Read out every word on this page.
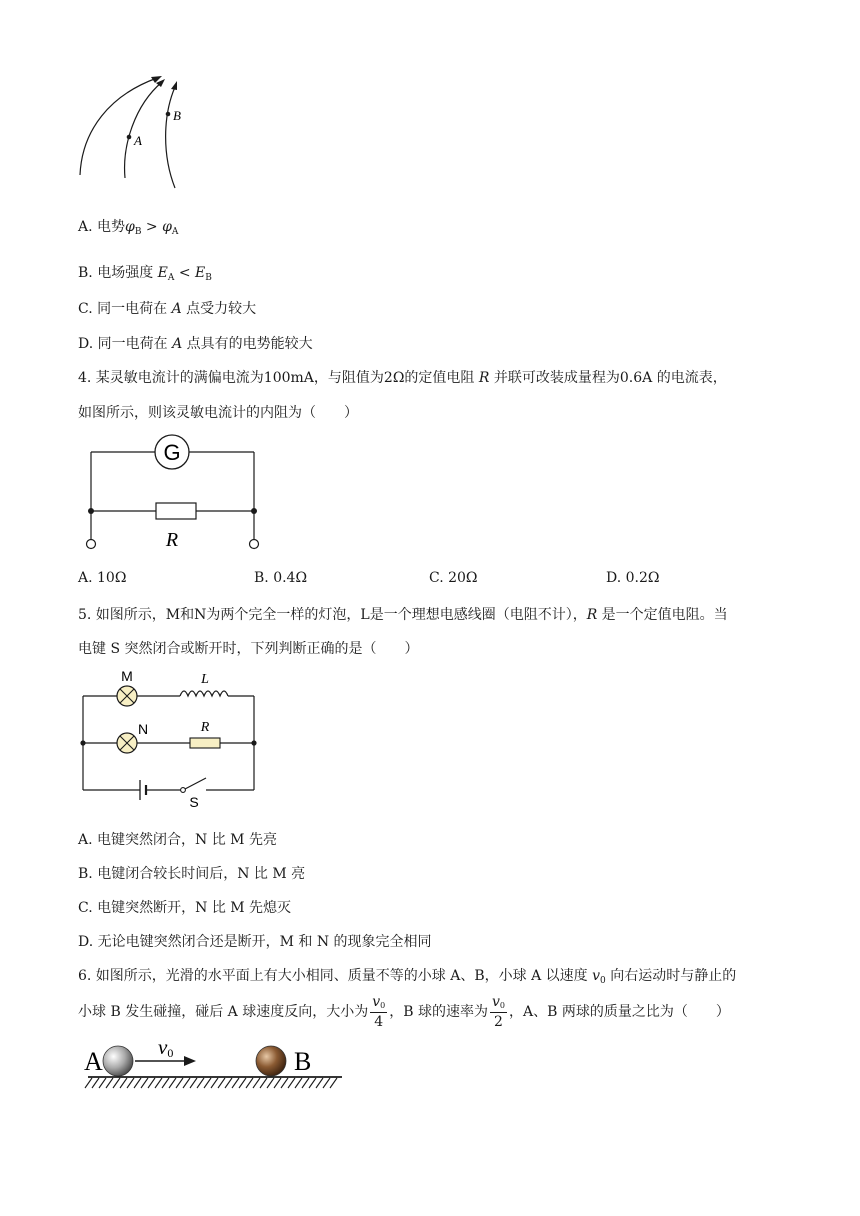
A
B
A. 电势$\varphi_B > \varphi_A$
B. 电场强度 $E_A < E_B$
C. 同一电荷在 A 点受力较大
D. 同一电荷在 A 点具有的电势能较大
4. 某灵敏电流计的满偏电流为100mA，与阻值为2Ω的定值电阻 R 并联可改装成量程为0.6A 的电流表，
如图所示，则该灵敏电流计的内阻为（　　）
G
R
A. 10Ω	B. 0.4Ω	C. 20Ω	D. 0.2Ω
5. 如图所示，M和N为两个完全一样的灯泡，L是一个理想电感线圈（电阻不计），R 是一个定值电阻。当
电键 S 突然闭合或断开时，下列判断正确的是（　　）
M	L
N	R
S
A. 电键突然闭合，N 比 M 先亮
B. 电键闭合较长时间后，N 比 M 亮
C. 电键突然断开，N 比 M 先熄灭
D. 无论电键突然闭合还是断开，M 和 N 的现象完全相同
6. 如图所示，光滑的水平面上有大小相同、质量不等的小球 A、B，小球 A 以速度 $v_0$ 向右运动时与静止的
小球 B 发生碰撞，碰后 A 球速度反向，大小为 $\frac{v0}{4}$ ，B 球的速率为 $\frac{v0}{2}$ ，A、B 两球的质量之比为（　　）
A	v0	B
